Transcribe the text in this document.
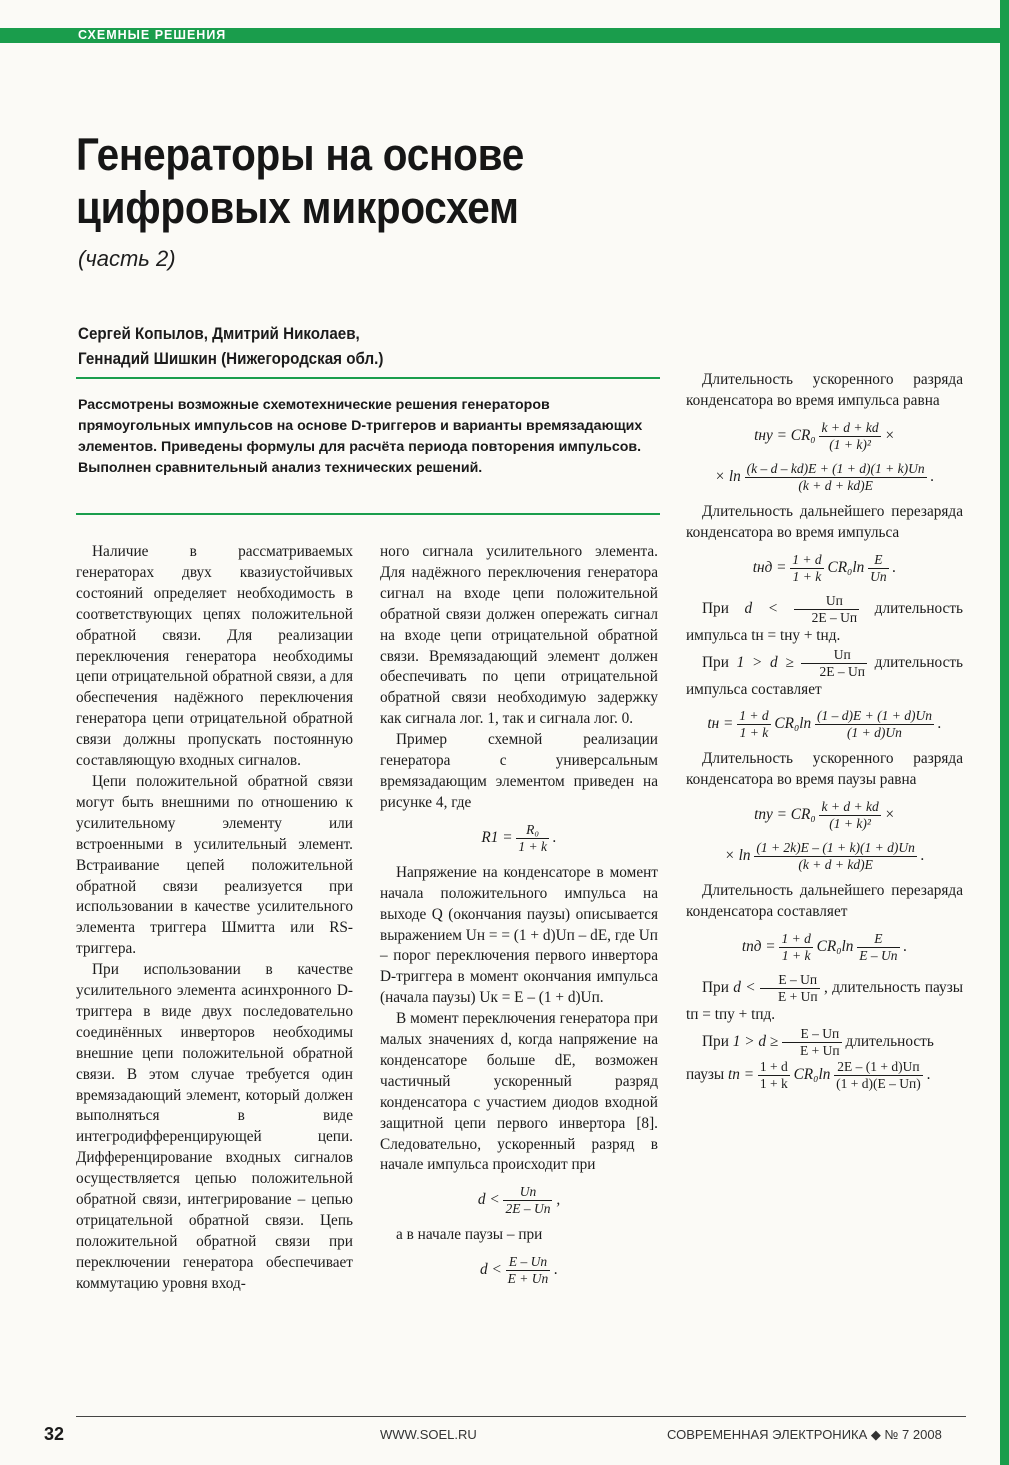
СХЕМНЫЕ РЕШЕНИЯ
Генераторы на основе
цифровых микросхем
(часть 2)
Сергей Копылов, Дмитрий Николаев,
Геннадий Шишкин (Нижегородская обл.)
Рассмотрены возможные схемотехнические решения генераторов прямоугольных импульсов на основе D-триггеров и варианты времязадающих элементов. Приведены формулы для расчёта периода повторения импульсов. Выполнен сравнительный анализ технических решений.

Наличие в рассматриваемых генераторах двух квазиустойчивых состояний определяет необходимость в соответствующих цепях положительной обратной связи. Для реализации переключения генератора необходимы цепи отрицательной обратной связи, а для обеспечения надёжного переключения генератора цепи отрицательной обратной связи должны пропускать постоянную составляющую входных сигналов.

Цепи положительной обратной связи могут быть внешними по отношению к усилительному элементу или встроенными в усилительный элемент. Встраивание цепей положительной обратной связи реализуется при использовании в качестве усилительного элемента триггера Шмитта или RS-триггера.

При использовании в качестве усилительного элемента асинхронного D-триггера в виде двух последовательно соединённых инверторов необходимы внешние цепи положительной обратной связи. В этом случае требуется один времязадающий элемент, который должен выполняться в виде интегродифференцирующей цепи. Дифференцирование входных сигналов осуществляется цепью положительной обратной связи, интегрирование – цепью отрицательной обратной связи. Цепь положительной обратной связи при переключении генератора обеспечивает коммутацию уровня вход-

ного сигнала усилительного элемента. Для надёжного переключения генератора сигнал на входе цепи положительной обратной связи должен опережать сигнал на входе цепи отрицательной обратной связи. Времязадающий элемент должен обеспечивать по цепи отрицательной обратной связи необходимую задержку как сигнала лог. 1, так и сигнала лог. 0.

Пример схемной реализации генератора с универсальным времязадающим элементом приведен на рисунке 4, где

$R1 = \frac{\text{R₀}}{1 + k}$ .

Напряжение на конденсаторе в момент начала положительного импульса на выходе Q (окончания паузы) описывается выражением Uн = = (1 + d)Uп – dE, где Uп – порог переключения первого инвертора D-триггера в момент окончания импульса (начала паузы) Uк = E – (1 + d)Uп.

В момент переключения генератора при малых значениях d, когда напряжение на конденсаторе больше dE, возможен частичный ускоренный разряд конденсатора с участием диодов входной защитной цепи первого инвертора [8]. Следовательно, ускоренный разряд в начале импульса происходит при

$d < \frac{Uп}{2E - Uп}$ ,

а в начале паузы – при

$d < \frac{E - Uп}{E + Uп}$ .

Длительность ускоренного разряда конденсатора во время импульса равна

tну = $CR_0 \frac{k + d + kd}{\text{(1 + k)²}}$ ×
× $\ln \frac{(k - d - kd)E + (1 + d)(1 + k)Uп}{(k + d + kd)E}$ .

Длительность дальнейшего перезаряда конденсатора во время импульса

tнд = $\frac{1 + d}{1 + k} CR_0\ln \frac{E}{Uп}$ .

При $d < \frac{Uп}{2E - Uп}$ длительность импульса tн = tну + tнд.

При $1 > d \ge \frac{Uп}{2E - Uп}$ длительность импульса составляет

tн = $\frac{1 + d}{1 + k} CR_0\ln \frac{(1 - d)E + (1 + d)Uп}{(1 + d)Uп}$ .

Длительность ускоренного разряда конденсатора во время паузы равна

tпу = $CR_0 \frac{k + d + kd}{\text{(1 + k)²}}$ ×
× $\ln \frac{(1 + 2k)E - (1 + k)(1 + d)Uп}{(k + d + kd)E}$ .

Длительность дальнейшего перезаряда конденсатора составляет

tпд = $\frac{1 + d}{1 + k} CR_0\ln \frac{E}{E - Uп}$ .

При $d < \frac{E - Uп}{E + Uп}$ , длительность паузы tп = tпу + tпд.

При $1 > d \ge \frac{E - Uп}{E + Uп}$ длительность

паузы tп = $\frac{1 + d}{1 + k} CR_0\ln \frac{2E - (1 + d)Uп}{(1 + d)(E - Uп)}$ .

32	WWW.SOEL.RU	СОВРЕМЕННАЯ ЭЛЕКТРОНИКА ◆ № 7 2008
